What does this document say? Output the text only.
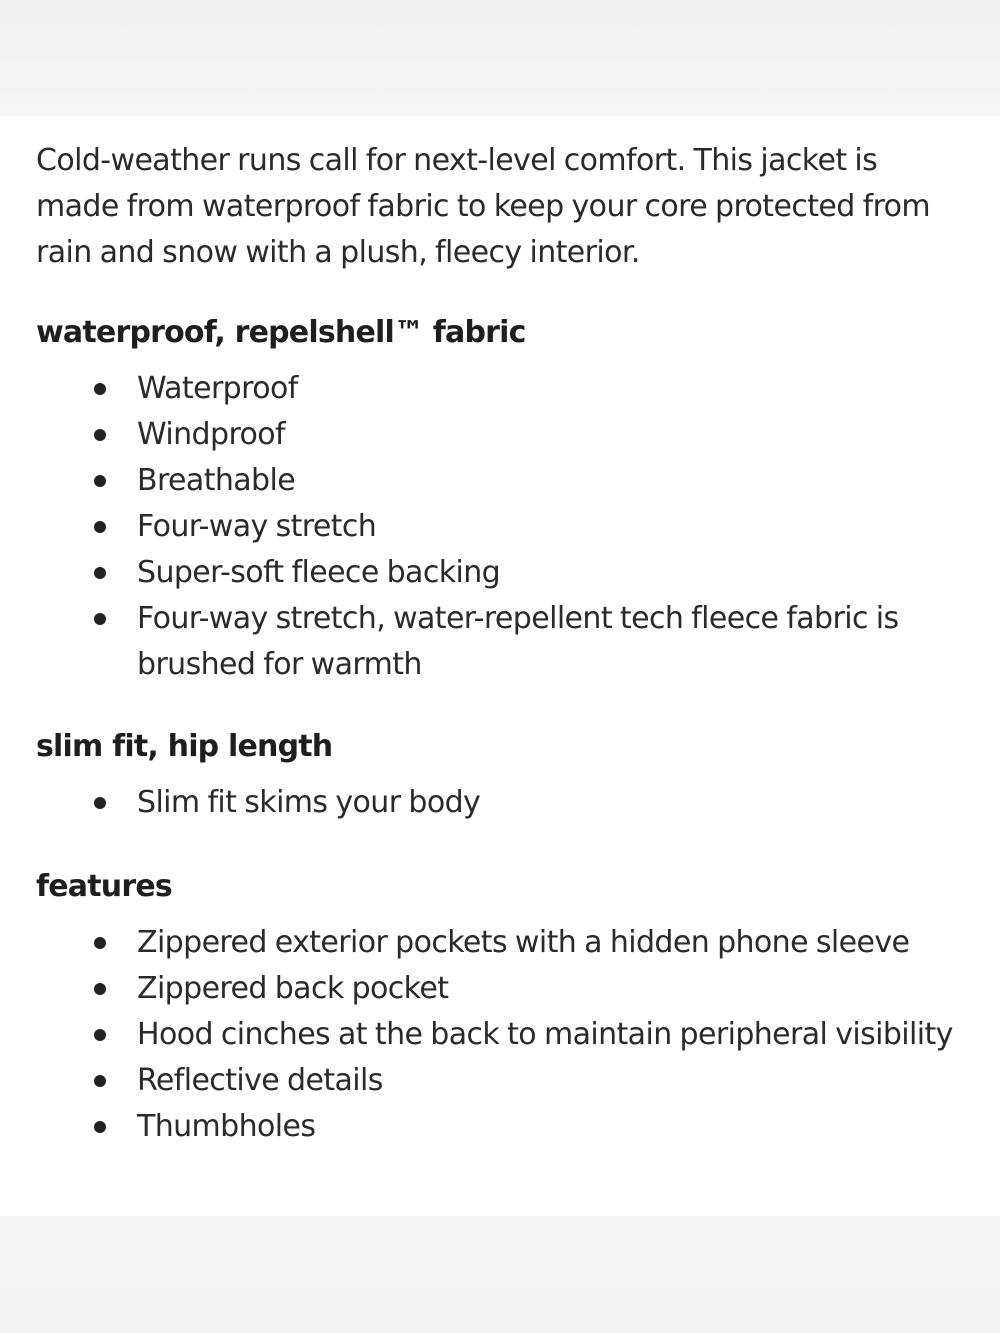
Cold-weather runs call for next-level comfort. This jacket is made from waterproof fabric to keep your core protected from rain and snow with a plush, fleecy interior.

waterproof, repelshell™ fabric
Waterproof
Windproof
Breathable
Four-way stretch
Super-soft fleece backing
Four-way stretch, water-repellent tech fleece fabric is brushed for warmth
slim fit, hip length
Slim fit skims your body
features
Zippered exterior pockets with a hidden phone sleeve
Zippered back pocket
Hood cinches at the back to maintain peripheral visibility
Reflective details
Thumbholes
